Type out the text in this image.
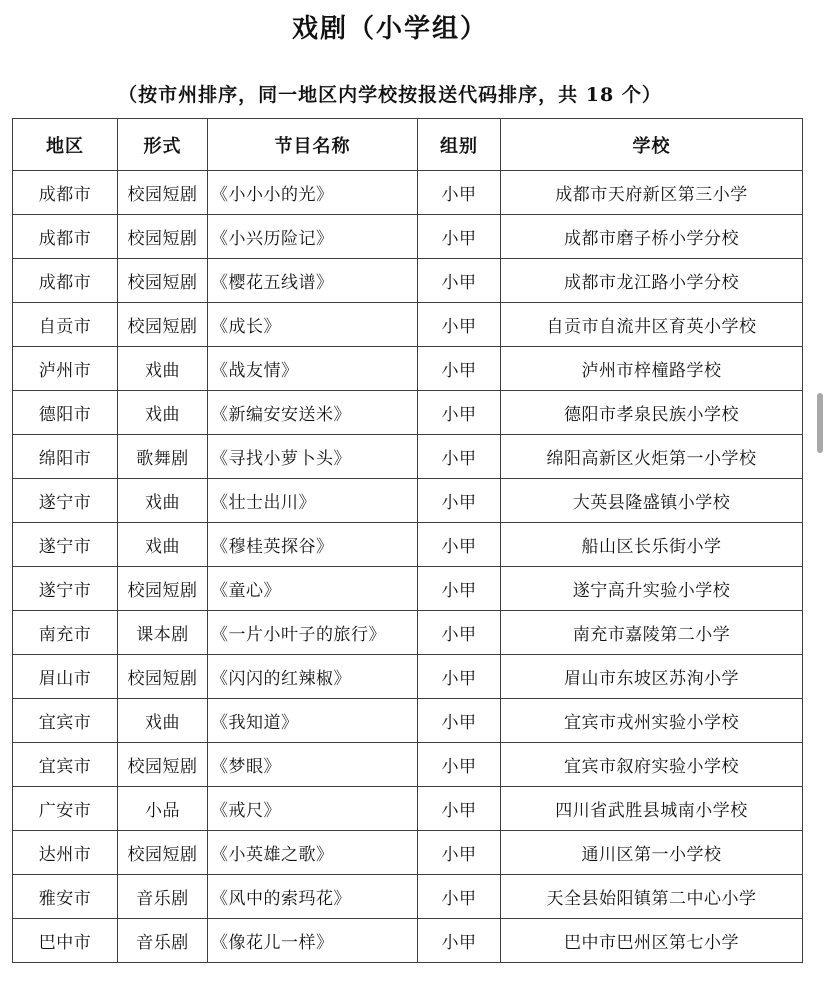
戏剧（小学组）
（按市州排序，同一地区内学校按报送代码排序，共 18 个）
地区	形式	节目名称	组别	学校
成都市	校园短剧	《小小小的光》	小甲	成都市天府新区第三小学
成都市	校园短剧	《小兴历险记》	小甲	成都市磨子桥小学分校
成都市	校园短剧	《樱花五线谱》	小甲	成都市龙江路小学分校
自贡市	校园短剧	《成长》	小甲	自贡市自流井区育英小学校
泸州市	戏曲	《战友情》	小甲	泸州市梓橦路学校
德阳市	戏曲	《新编安安送米》	小甲	德阳市孝泉民族小学校
绵阳市	歌舞剧	《寻找小萝卜头》	小甲	绵阳高新区火炬第一小学校
遂宁市	戏曲	《壮士出川》	小甲	大英县隆盛镇小学校
遂宁市	戏曲	《穆桂英探谷》	小甲	船山区长乐街小学
遂宁市	校园短剧	《童心》	小甲	遂宁高升实验小学校
南充市	课本剧	《一片小叶子的旅行》	小甲	南充市嘉陵第二小学
眉山市	校园短剧	《闪闪的红辣椒》	小甲	眉山市东坡区苏洵小学
宜宾市	戏曲	《我知道》	小甲	宜宾市戎州实验小学校
宜宾市	校园短剧	《梦眼》	小甲	宜宾市叙府实验小学校
广安市	小品	《戒尺》	小甲	四川省武胜县城南小学校
达州市	校园短剧	《小英雄之歌》	小甲	通川区第一小学校
雅安市	音乐剧	《风中的索玛花》	小甲	天全县始阳镇第二中心小学
巴中市	音乐剧	《像花儿一样》	小甲	巴中市巴州区第七小学
